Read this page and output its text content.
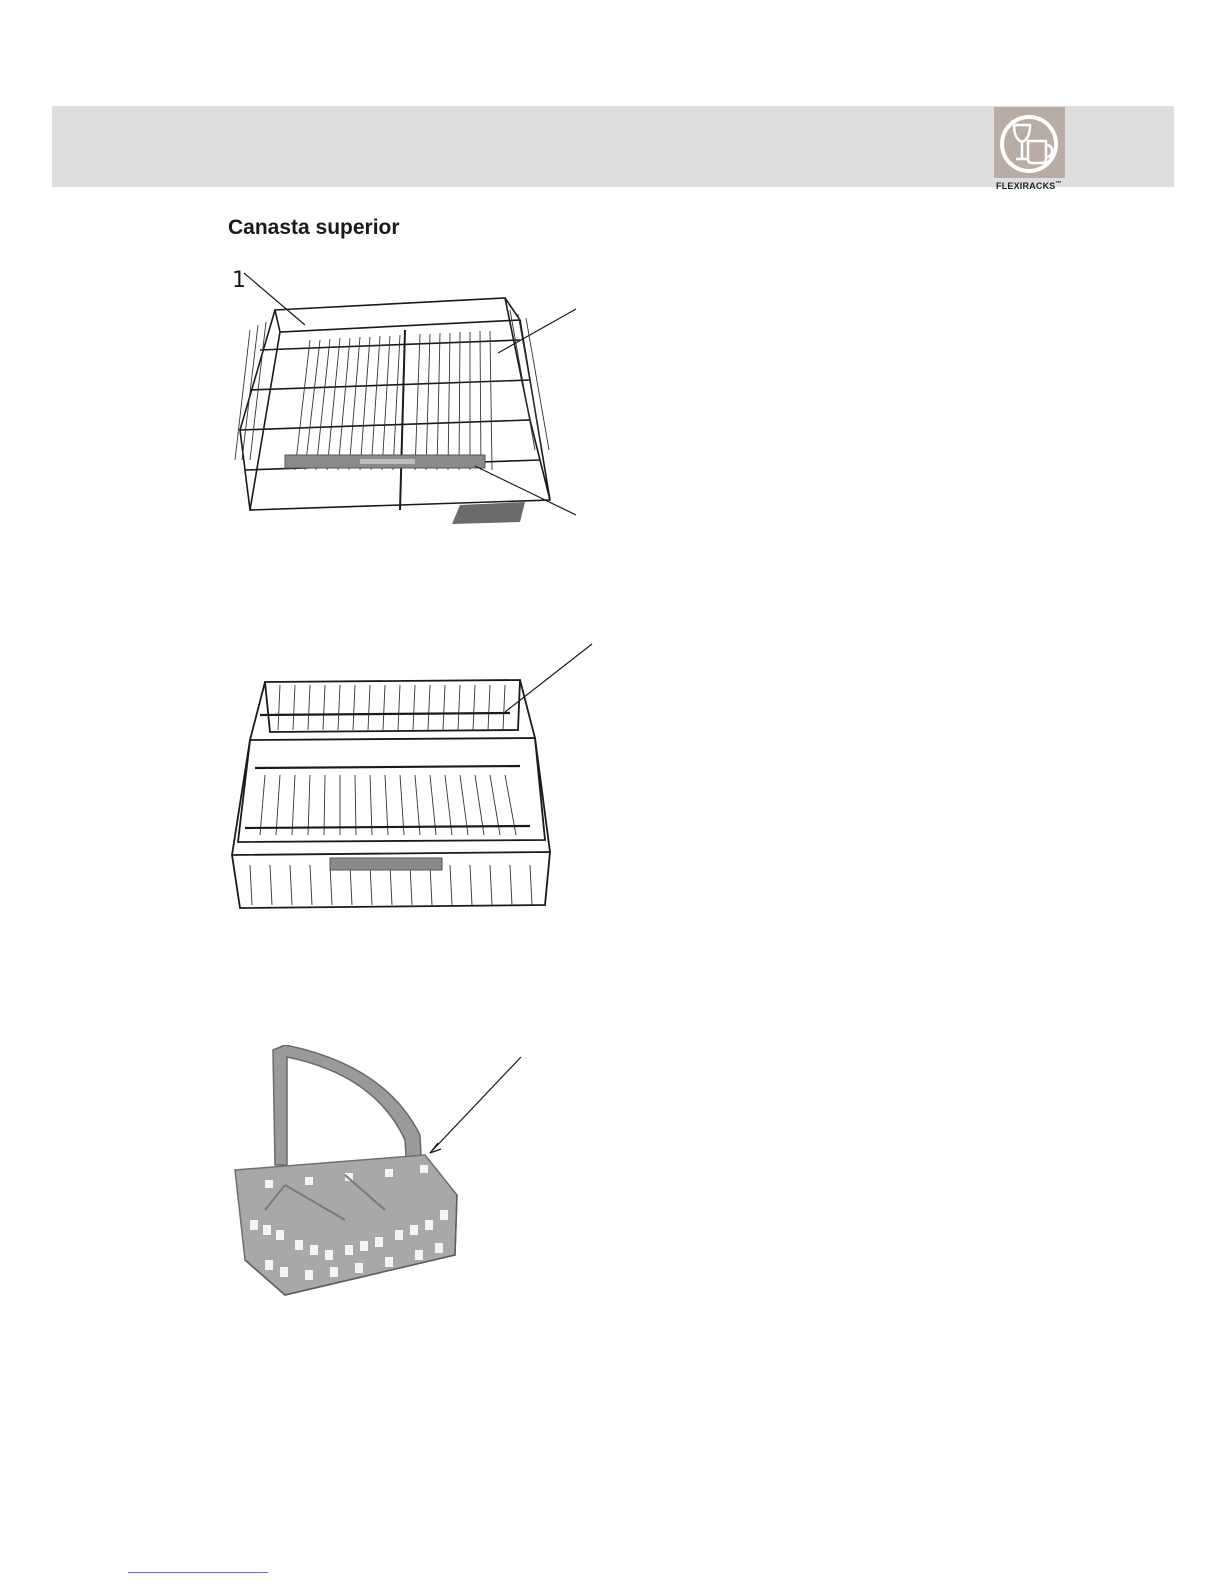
FLEXIRACKS™
Canasta superior
1
